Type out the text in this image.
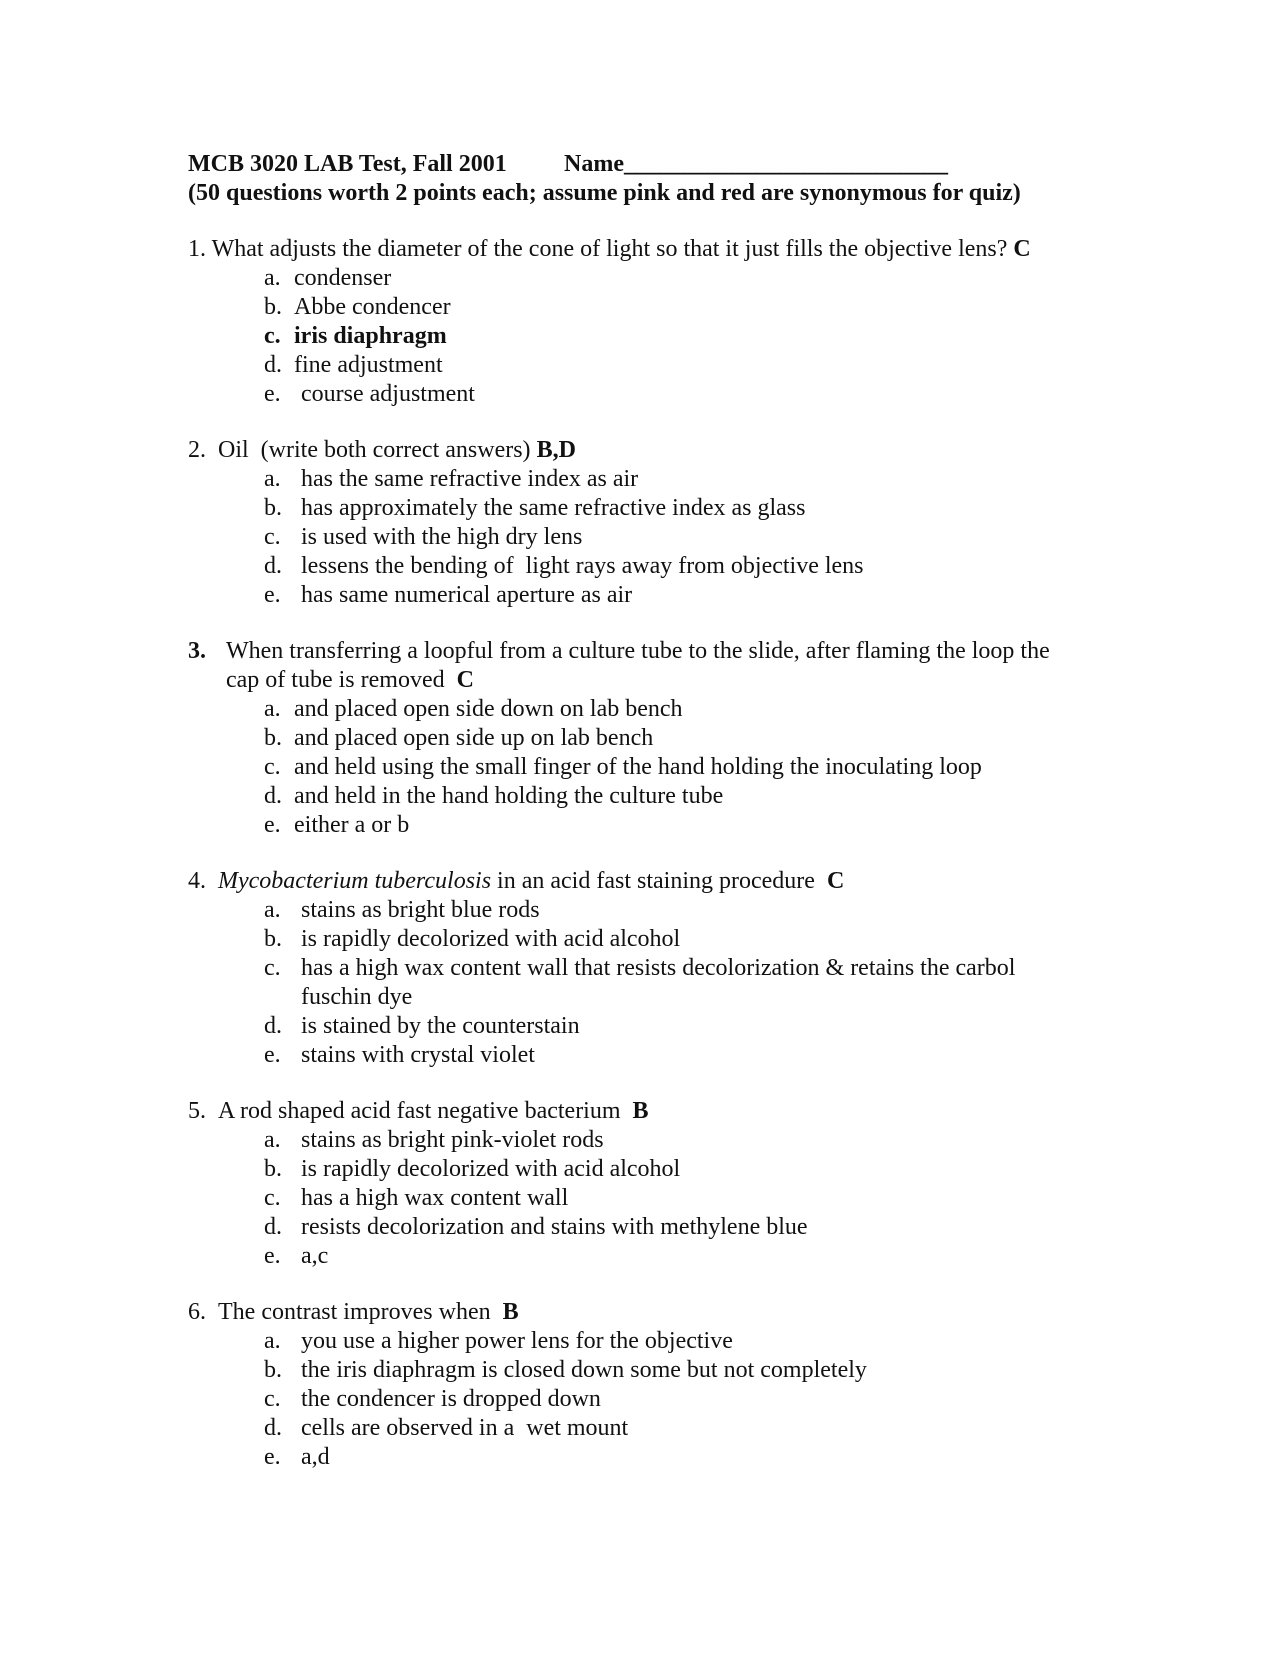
MCB 3020 LAB Test, Fall 2001 Name___________________________
(50 questions worth 2 points each; assume pink and red are synonymous for quiz)
1. What adjusts the diameter of the cone of light so that it just fills the objective lens? C
a. condenser
b. Abbe condencer
c. iris diaphragm
d. fine adjustment
e. course adjustment
2. Oil  (write both correct answers) B,D
a. has the same refractive index as air
b. has approximately the same refractive index as glass
c. is used with the high dry lens
d. lessens the bending of  light rays away from objective lens
e. has same numerical aperture as air
3. When transferring a loopful from a culture tube to the slide, after flaming the loop the
cap of tube is removed C
a. and placed open side down on lab bench
b. and placed open side up on lab bench
c. and held using the small finger of the hand holding the inoculating loop
d. and held in the hand holding the culture tube
e. either a or b
4. Mycobacterium tuberculosis in an acid fast staining procedure C
a. stains as bright blue rods
b. is rapidly decolorized with acid alcohol
c. has a high wax content wall that resists decolorization & retains the carbol
fuschin dye
d. is stained by the counterstain
e. stains with crystal violet
5. A rod shaped acid fast negative bacterium B
a. stains as bright pink-violet rods
b. is rapidly decolorized with acid alcohol
c. has a high wax content wall
d. resists decolorization and stains with methylene blue
e. a,c
6. The contrast improves when B
a. you use a higher power lens for the objective
b. the iris diaphragm is closed down some but not completely
c. the condencer is dropped down
d. cells are observed in a  wet mount
e. a,d
